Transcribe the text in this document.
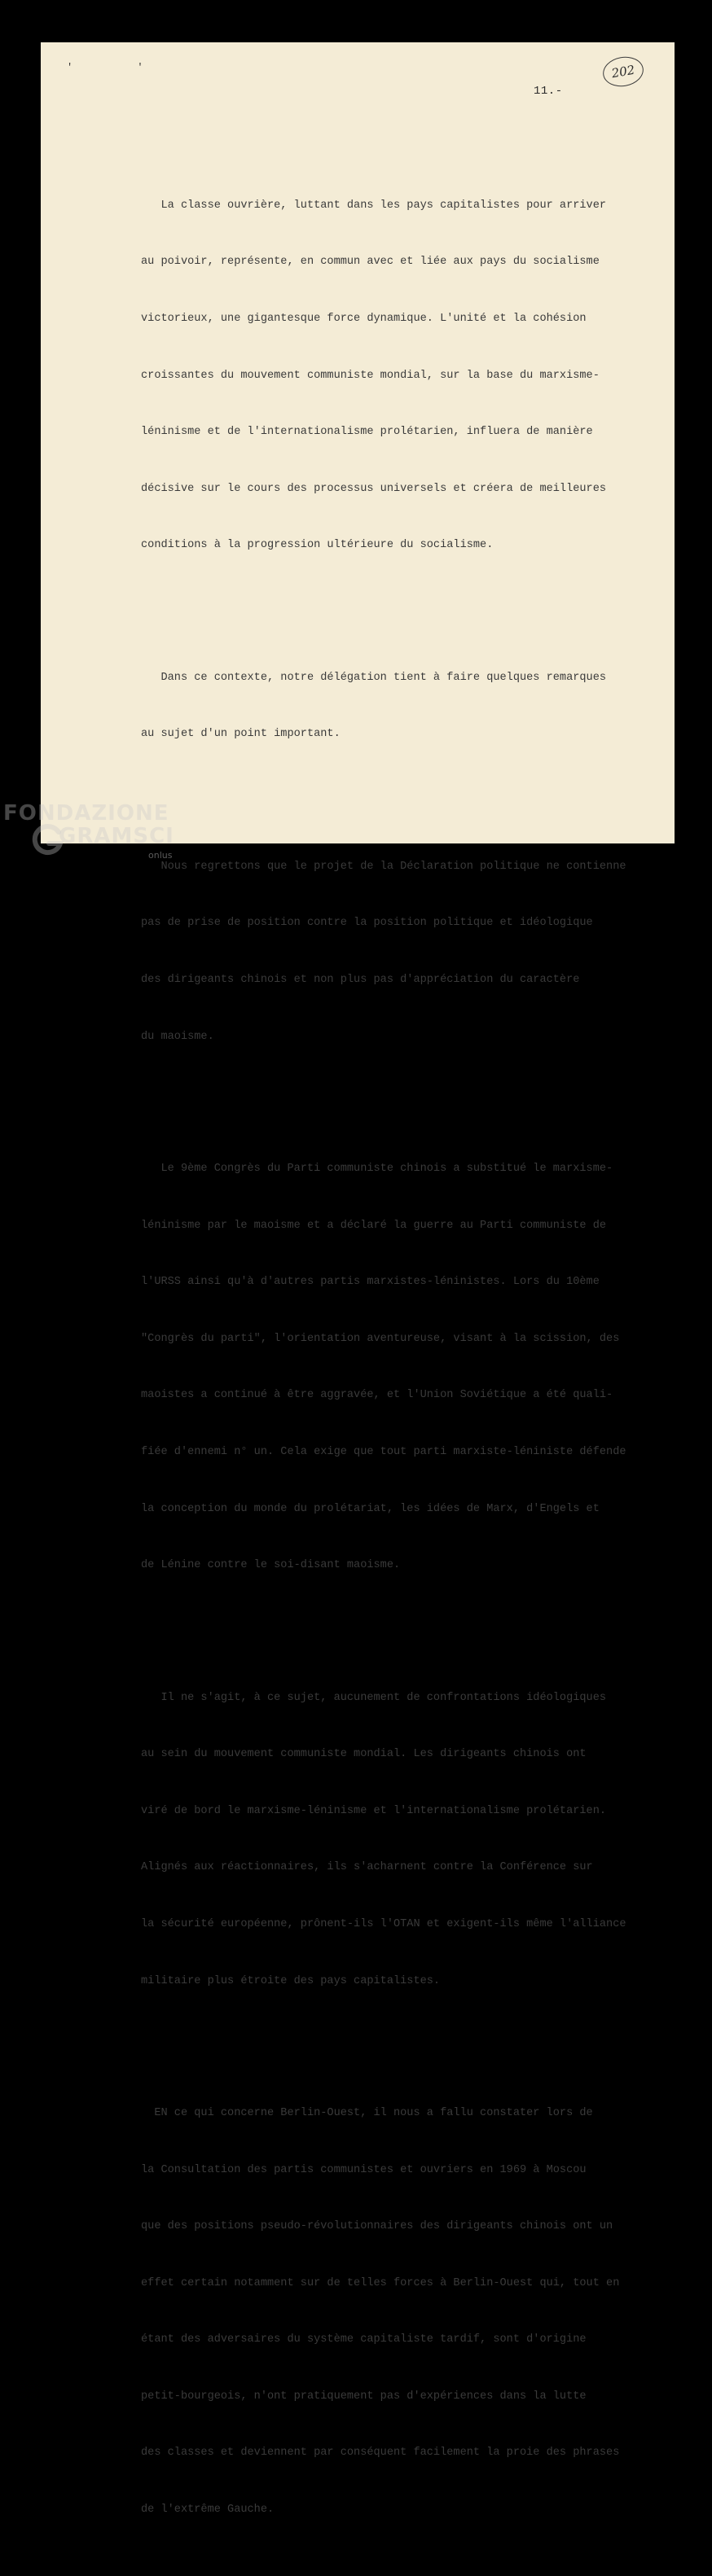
' '	202
11.-

La classe ouvrière, luttant dans les pays capitalistes pour arriver

au poivoir, représente, en commun avec et liée aux pays du socialisme

victorieux, une gigantesque force dynamique. L'unité et la cohésion

croissantes du mouvement communiste mondial, sur la base du marxisme-

léninisme et de l'internationalisme prolétarien, influera de manière

décisive sur le cours des processus universels et créera de meilleures

conditions à la progression ultérieure du socialisme.

Dans ce contexte, notre délégation tient à faire quelques remarques

au sujet d'un point important.

Nous regrettons que le projet de la Déclaration politique ne contienne

pas de prise de position contre la position politique et idéologique

des dirigeants chinois et non plus pas d'appréciation du caractère

du maoisme.

Le 9ème Congrès du Parti communiste chinois a substitué le marxisme-

léninisme par le maoisme et a déclaré la guerre au Parti communiste de

l'URSS ainsi qu'à d'autres partis marxistes-léninistes. Lors du 10ème

"Congrès du parti", l'orientation aventureuse, visant à la scission, des

maoistes a continué à être aggravée, et l'Union Soviétique a été quali-

fiée d'ennemi n° un. Cela exige que tout parti marxiste-léniniste défende

la conception du monde du prolétariat, les idées de Marx, d'Engels et

de Lénine contre le soi-disant maoisme.

Il ne s'agit, à ce sujet, aucunement de confrontations idéologiques

au sein du mouvement communiste mondial. Les dirigeants chinois ont

viré de bord le marxisme-léninisme et l'internationalisme prolétarien.

Alignés aux réactionnaires, ils s'acharnent contre la Conférence sur

la sécurité européenne, prônent-ils l'OTAN et exigent-ils même l'alliance

militaire plus étroite des pays capitalistes.

EN ce qui concerne Berlin-Ouest, il nous a fallu constater lors de

la Consultation des partis communistes et ouvriers en 1969 à Moscou

que des positions pseudo-révolutionnaires des dirigeants chinois ont un

effet certain notamment sur de telles forces à Berlin-Ouest qui, tout en

étant des adversaires du système capitaliste tardif, sont d'origine

petit-bourgeois, n'ont pratiquement pas d'expériences dans la lutte

des classes et deviennent par conséquent facilement la proie des phrases

de l'extrême Gauche.

FONDAZIONE
GRAMSCI
onlus
